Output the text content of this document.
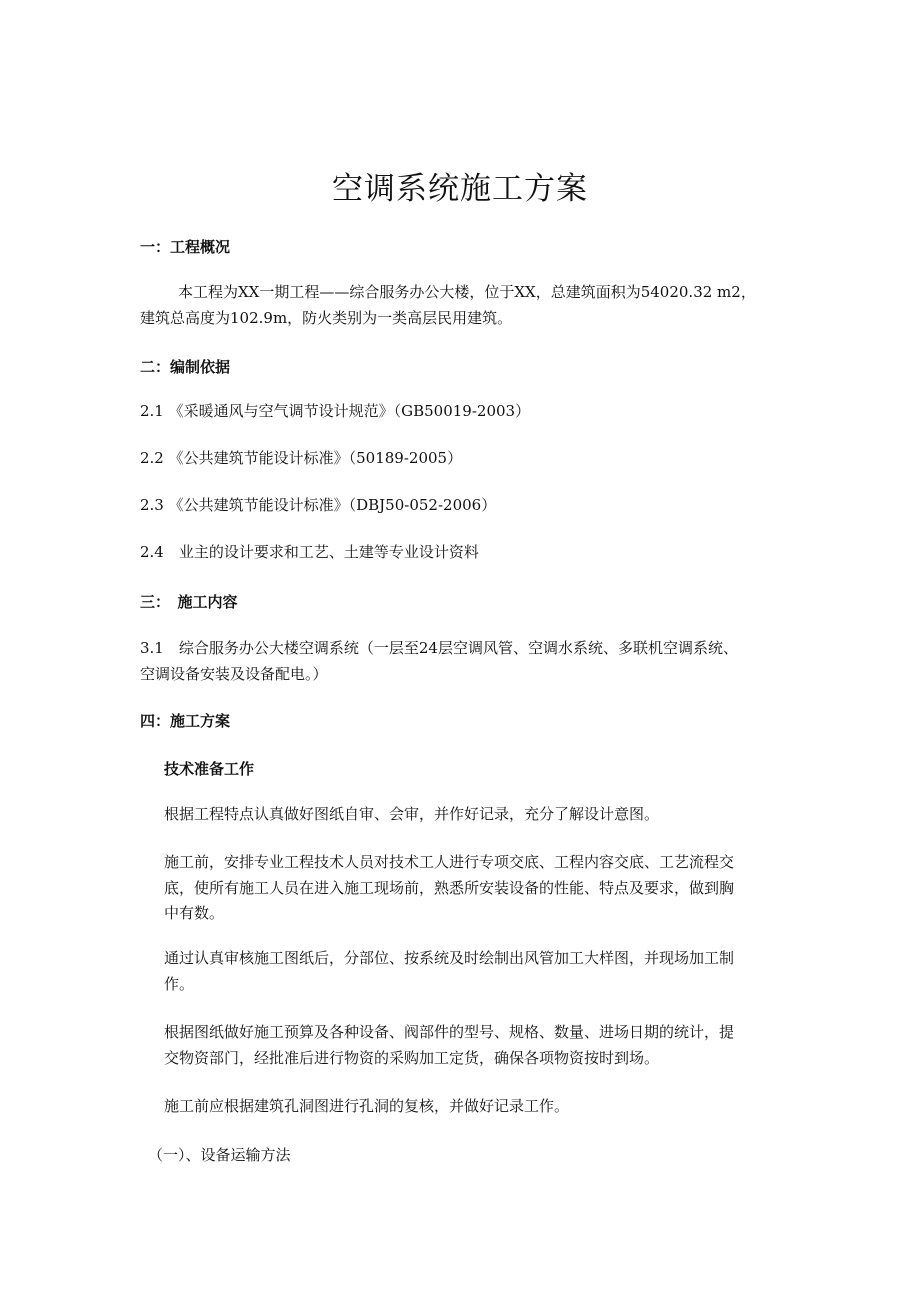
空调系统施工方案
一：工程概况
本工程为XX一期工程——综合服务办公大楼，位于XX，总建筑面积为54020.32 m2，
建筑总高度为102.9m，防火类别为一类高层民用建筑。
二：编制依据
2.1 《采暖通风与空气调节设计规范》（GB50019-2003）
2.2 《公共建筑节能设计标准》（50189-2005）
2.3 《公共建筑节能设计标准》（DBJ50-052-2006）
2.4　业主的设计要求和工艺、土建等专业设计资料
三：　施工内容
3.1　综合服务办公大楼空调系统（一层至24层空调风管、空调水系统、多联机空调系统、
空调设备安装及设备配电。）
四：施工方案
技术准备工作
根据工程特点认真做好图纸自审、会审，并作好记录，充分了解设计意图。
施工前，安排专业工程技术人员对技术工人进行专项交底、工程内容交底、工艺流程交
底，使所有施工人员在进入施工现场前，熟悉所安装设备的性能、特点及要求，做到胸
中有数。
通过认真审核施工图纸后，分部位、按系统及时绘制出风管加工大样图，并现场加工制
作。
根据图纸做好施工预算及各种设备、阀部件的型号、规格、数量、进场日期的统计，提
交物资部门，经批准后进行物资的采购加工定货，确保各项物资按时到场。
施工前应根据建筑孔洞图进行孔洞的复核，并做好记录工作。
（一）、设备运输方法
